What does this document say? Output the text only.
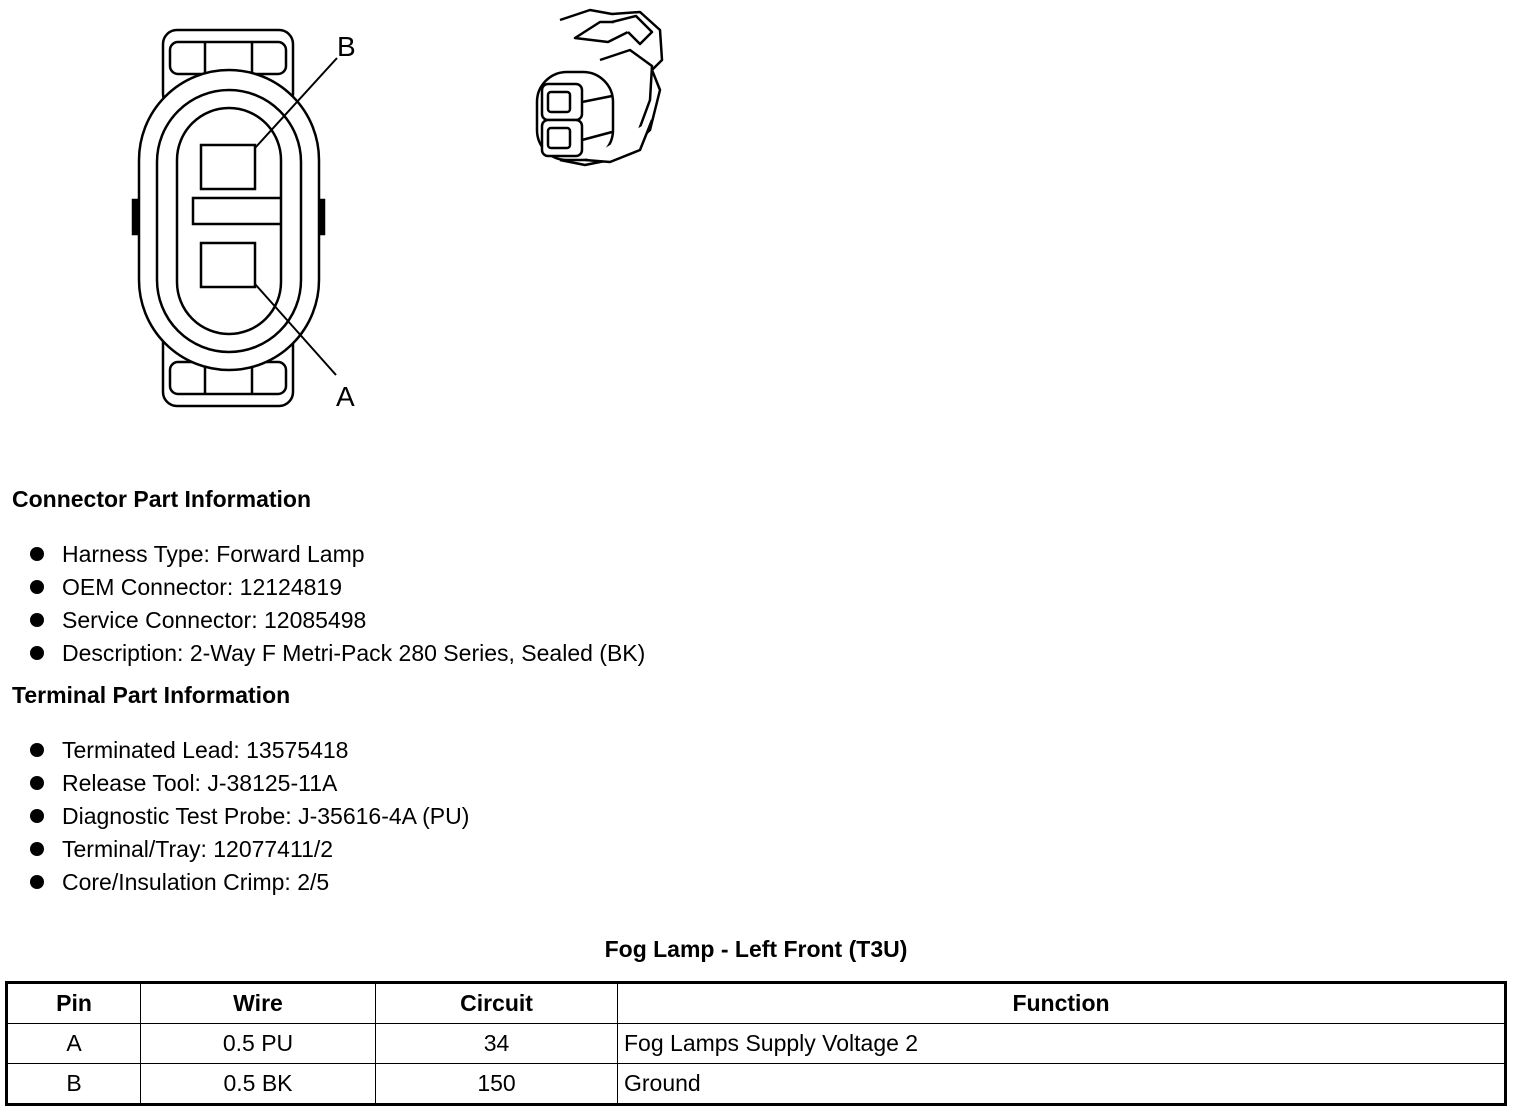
B
A
Connector Part Information
Harness Type: Forward Lamp
OEM Connector: 12124819
Service Connector: 12085498
Description: 2-Way F Metri-Pack 280 Series, Sealed (BK)
Terminal Part Information
Terminated Lead: 13575418
Release Tool: J-38125-11A
Diagnostic Test Probe: J-35616-4A (PU)
Terminal/Tray: 12077411/2
Core/Insulation Crimp: 2/5
Fog Lamp - Left Front (T3U)
Pin	Wire	Circuit	Function
A	0.5 PU	34	Fog Lamps Supply Voltage 2
B	0.5 BK	150	Ground
